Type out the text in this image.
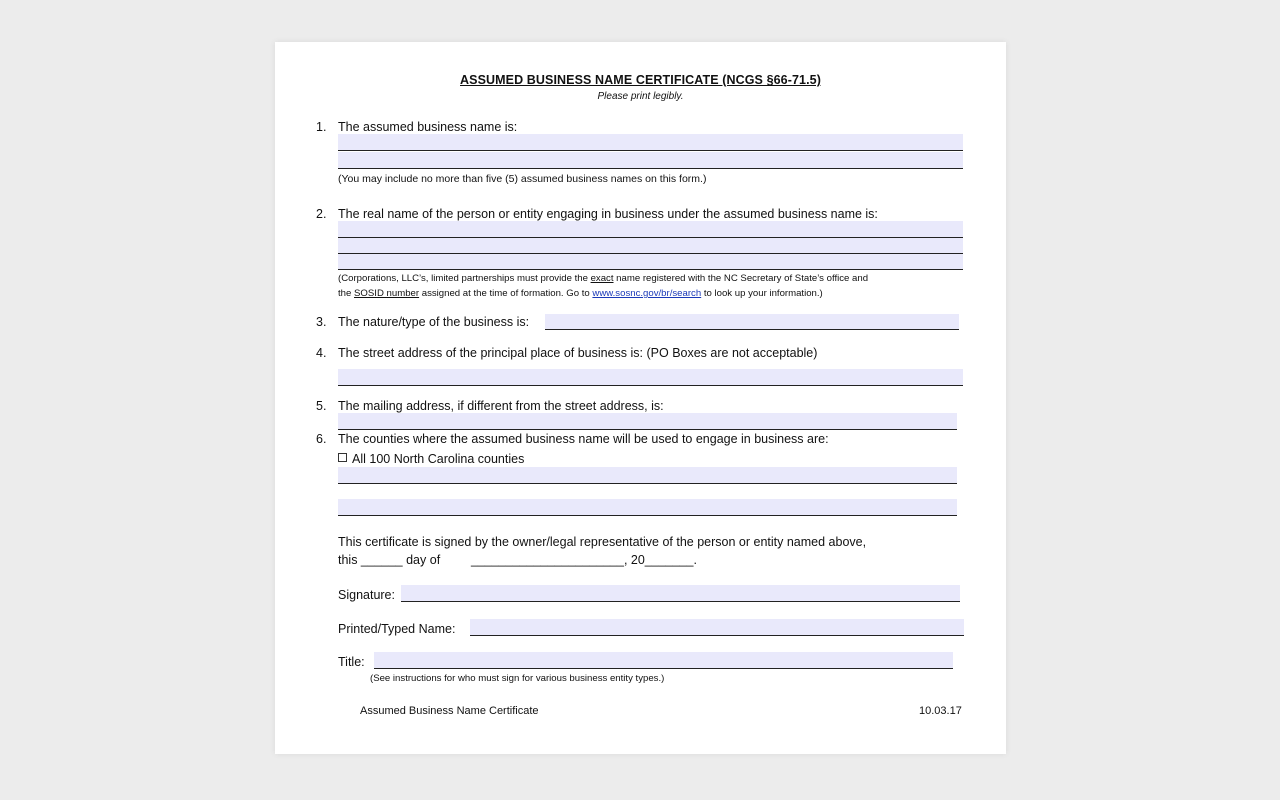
ASSUMED BUSINESS NAME CERTIFICATE (NCGS §66-71.5)
Please print legibly.
1. The assumed business name is:
(You may include no more than five (5) assumed business names on this form.)
2. The real name of the person or entity engaging in business under the assumed business name is:
(Corporations, LLC’s, limited partnerships must provide the exact name registered with the NC Secretary of State’s office and
the SOSID number assigned at the time of formation. Go to www.sosnc.gov/br/search to look up your information.)
3. The nature/type of the business is:
4. The street address of the principal place of business is: (PO Boxes are not acceptable)
5. The mailing address, if different from the street address, is:
6. The counties where the assumed business name will be used to engage in business are:
All 100 North Carolina counties
This certificate is signed by the owner/legal representative of the person or entity named above,
this ______ day of ______________________, 20_______.
Signature:
Printed/Typed Name:
Title:
(See instructions for who must sign for various business entity types.)
Assumed Business Name Certificate	10.03.17
